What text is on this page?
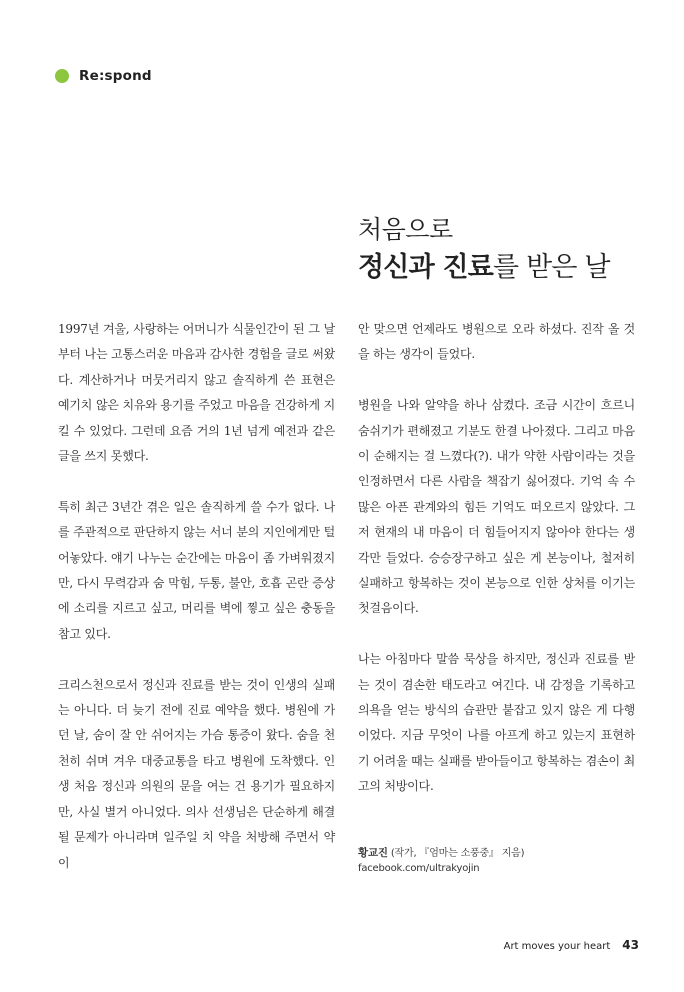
Re:spond
처음으로
정신과 진료를 받은 날

1997년 겨울, 사랑하는 어머니가 식물인간이 된 그 날부터 나는 고통스러운 마음과 감사한 경험을 글로 써왔다. 계산하거나 머뭇거리지 않고 솔직하게 쓴 표현은 예기치 않은 치유와 용기를 주었고 마음을 건강하게 지킬 수 있었다. 그런데 요즘 거의 1년 넘게 예전과 같은 글을 쓰지 못했다.

특히 최근 3년간 겪은 일은 솔직하게 쓸 수가 없다. 나를 주관적으로 판단하지 않는 서너 분의 지인에게만 털어놓았다. 얘기 나누는 순간에는 마음이 좀 가벼워졌지만, 다시 무력감과 숨 막힘, 두통, 불안, 호흡 곤란 증상에 소리를 지르고 싶고, 머리를 벽에 찧고 싶은 충동을 참고 있다.

크리스천으로서 정신과 진료를 받는 것이 인생의 실패는 아니다. 더 늦기 전에 진료 예약을 했다. 병원에 가던 날, 숨이 잘 안 쉬어지는 가슴 통증이 왔다. 숨을 천천히 쉬며 겨우 대중교통을 타고 병원에 도착했다. 인생 처음 정신과 의원의 문을 여는 건 용기가 필요하지만, 사실 별거 아니었다. 의사 선생님은 단순하게 해결될 문제가 아니라며 일주일 치 약을 처방해 주면서 약이

안 맞으면 언제라도 병원으로 오라 하셨다. 진작 올 것을 하는 생각이 들었다.

병원을 나와 알약을 하나 삼켰다. 조금 시간이 흐르니 숨쉬기가 편해졌고 기분도 한결 나아졌다. 그리고 마음이 순해지는 걸 느꼈다(?). 내가 약한 사람이라는 것을 인정하면서 다른 사람을 책잡기 싫어졌다. 기억 속 수많은 아픈 관계와의 힘든 기억도 떠오르지 않았다. 그저 현재의 내 마음이 더 힘들어지지 않아야 한다는 생각만 들었다. 승승장구하고 싶은 게 본능이나, 철저히 실패하고 항복하는 것이 본능으로 인한 상처를 이기는 첫걸음이다.

나는 아침마다 말씀 묵상을 하지만, 정신과 진료를 받는 것이 겸손한 태도라고 여긴다. 내 감정을 기록하고 의욕을 얻는 방식의 습관만 붙잡고 있지 않은 게 다행이었다. 지금 무엇이 나를 아프게 하고 있는지 표현하기 어려울 때는 실패를 받아들이고 항복하는 겸손이 최고의 처방이다.

황교진 (작가, 『엄마는 소풍중』 지음)
facebook.com/ultrakyojin
Art moves your heart 43
